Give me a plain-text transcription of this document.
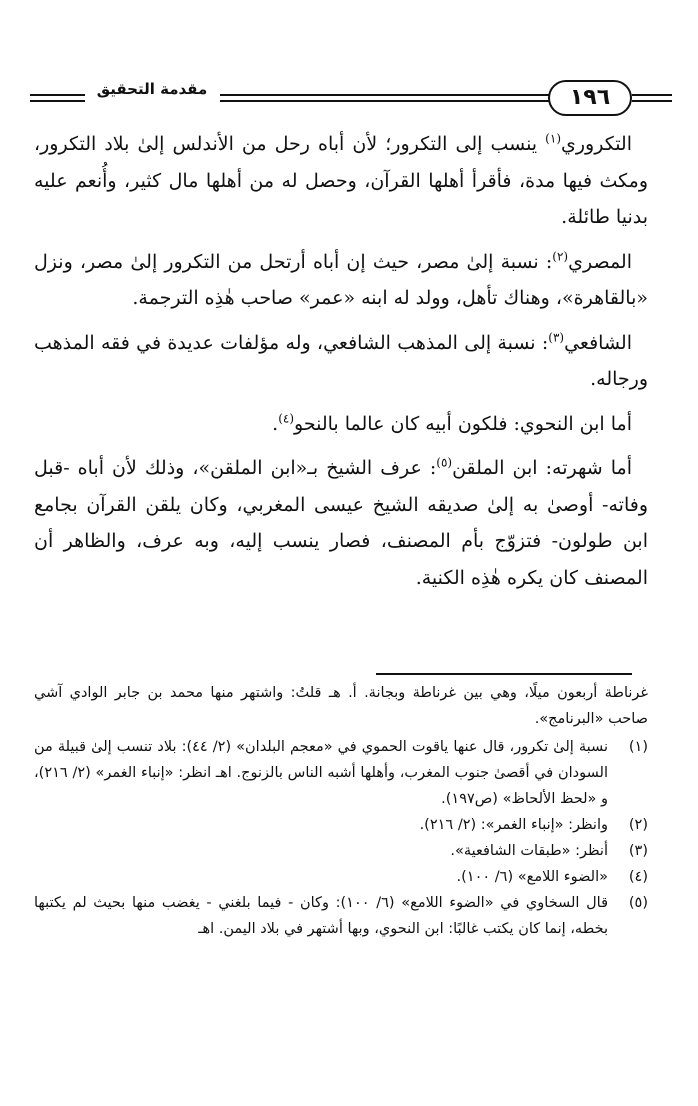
مقدمة التحقيق	١٩٦

التكروري$^{(١)}$ ينسب إلى التكرور؛ لأن أباه رحل من الأندلس إلىٰ بلاد التكرور، ومكث فيها مدة، فأقرأ أهلها القرآن، وحصل له من أهلها مال كثير، وأُنعم عليه بدنيا طائلة.

المصري$^{(٢)}$: نسبة إلىٰ مصر، حيث إن أباه أرتحل من التكرور إلىٰ مصر، ونزل «بالقاهرة»، وهناك تأهل، وولد له ابنه «عمر» صاحب هٰذِه الترجمة.

الشافعي$^{(٣)}$: نسبة إلى المذهب الشافعي، وله مؤلفات عديدة في فقه المذهب ورجاله.

أما ابن النحوي: فلكون أبيه كان عالما بالنحو$^{(٤)}$.

أما شهرته: ابن الملقن$^{(٥)}$: عرف الشيخ بـ«ابن الملقن»، وذلك لأن أباه -قبل وفاته- أوصىٰ به إلىٰ صديقه الشيخ عيسى المغربي، وكان يلقن القرآن بجامع ابن طولون- فتزوّج بأم المصنف، فصار ينسب إليه، وبه عرف، والظاهر أن المصنف كان يكره هٰذِه الكنية.

غرناطة أربعون ميلًا، وهي بين غرناطة وبجانة. أ. هـ قلتُ: واشتهر منها محمد بن جابر الوادي آشي صاحب «البرنامج».

(١)
نسبة إلىٰ تكرور، قال عنها ياقوت الحموي في «معجم البلدان» (٢/ ٤٤): بلاد تنسب إلىٰ قبيلة من السودان في أقصىٰ جنوب المغرب، وأهلها أشبه الناس بالزنوج. اهـ انظر: «إنباء الغمر» (٢/ ٢١٦)، و «لحظ الألحاظ» (ص١٩٧).
(٢)
وانظر: «إنباء الغمر»: (٢/ ٢١٦).
(٣)
أنظر: «طبقات الشافعية».
(٤)
«الضوء اللامع» (٦/ ١٠٠).
(٥)
قال السخاوي في «الضوء اللامع» (٦/ ١٠٠): وكان - فيما بلغني - يغضب منها بحيث لم يكتبها بخطه، إنما كان يكتب غالبًا: ابن النحوي، وبها أشتهر في بلاد اليمن. اهـ
